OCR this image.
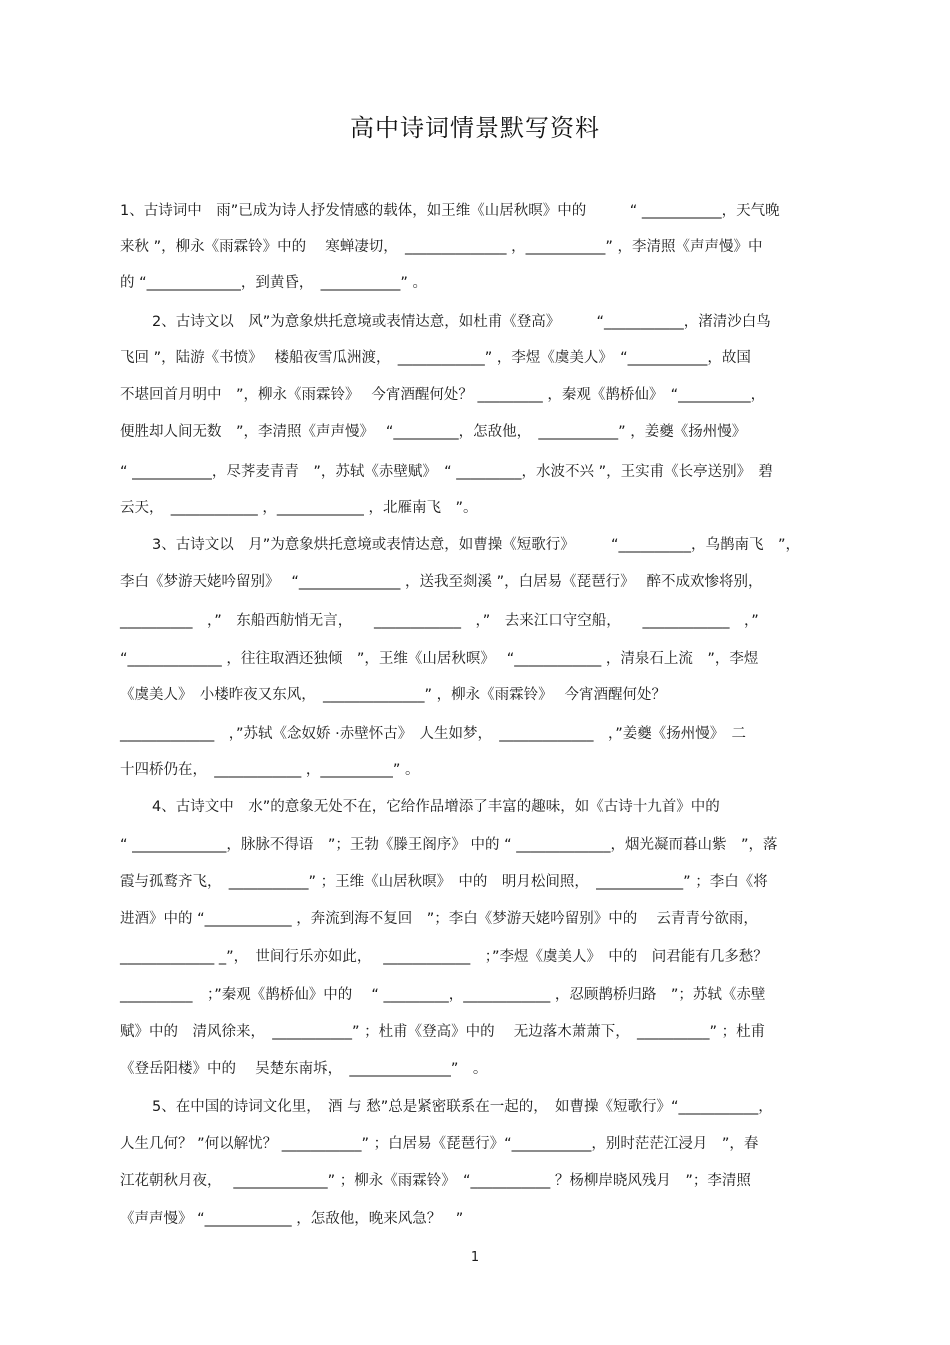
高中诗词情景默写资料
1、古诗词中　雨”已成为诗人抒发情感的载体，如王维《山居秋暝》中的　　　“ ___________，天气晚
来秋 ”，柳永《雨霖铃》中的　 寒蝉凄切，　______________ ，___________” ，李清照《声声慢》中
的 “_____________，到黄昏，　___________” 。
2、古诗文以　风”为意象烘托意境或表情达意，如杜甫《登高》　　　“___________，渚清沙白鸟
飞回 ”，陆游《书愤》　 楼船夜雪瓜洲渡，　____________” ，李煜《虞美人》　“___________，故国
不堪回首月明中　”，柳永《雨霖铃》　 今宵酒醒何处？ _________ ，秦观《鹊桥仙》　“__________，
便胜却人间无数　”，李清照《声声慢》　 “_________，怎敌他，　___________” ，姜夔《扬州慢》
“ ___________，尽荠麦青青　”，苏轼《赤壁赋》　“ _________，水波不兴 ”，王实甫《长亭送别》　碧
云天，　____________ ，____________ ，北雁南飞　”。
3、古诗文以　月”为意象烘托意境或表情达意，如曹操《短歌行》　　　“__________，乌鹊南飞　”，
李白《梦游天姥吟留别》　 “______________ ，送我至剡溪 ”，白居易《琵琶行》　 醉不成欢惨将别，
__________　，”　东船西舫悄无言，　　____________　，”　去来江口守空船，　　____________　，”
“_____________ ，往往取酒还独倾　”，王维《山居秋暝》　 “____________ ，清泉石上流　”，李煜
《虞美人》　小楼昨夜又东风，　______________” ，柳永《雨霖铃》　 今宵酒醒何处？
_____________　，”苏轼《念奴娇 ·赤壁怀古》　人生如梦，　_____________　，”姜夔《扬州慢》　二
十四桥仍在，　____________ ，__________” 。
4、古诗文中　水”的意象无处不在，它给作品增添了丰富的趣味，如《古诗十九首》中的
“ _____________，脉脉不得语　”；王勃《滕王阁序》 中的 “ _____________，烟光凝而暮山紫　”，落
霞与孤鹜齐飞，　___________” ；王维《山居秋暝》　中的　明月松间照，　____________” ；李白《将
进酒》中的 “____________ ，奔流到海不复回　”；李白《梦游天姥吟留别》中的　 云青青兮欲雨，
_____________ _”，　世间行乐亦如此，　 ____________　；”李煜《虞美人》　中的　问君能有几多愁？
__________　；”秦观《鹊桥仙》中的　 “ _________，____________ ，忍顾鹊桥归路　”；苏轼《赤壁
赋》中的　清风徐来，　___________” ；杜甫《登高》中的　 无边落木萧萧下，　__________” ；杜甫
《登岳阳楼》中的　 吴楚东南坼，　______________”　。
5、在中国的诗词文化里，　酒 与 愁”总是紧密联系在一起的，　如曹操《短歌行》“___________，
人生几何？ ”何以解忧？ ___________” ；白居易《琵琶行》“___________，别时茫茫江浸月　”，春
江花朝秋月夜，　 _____________” ；柳永《雨霖铃》　“___________ ？杨柳岸晓风残月　”；李清照
《声声慢》 “____________ ，怎敌他，晚来风急？　”
1
